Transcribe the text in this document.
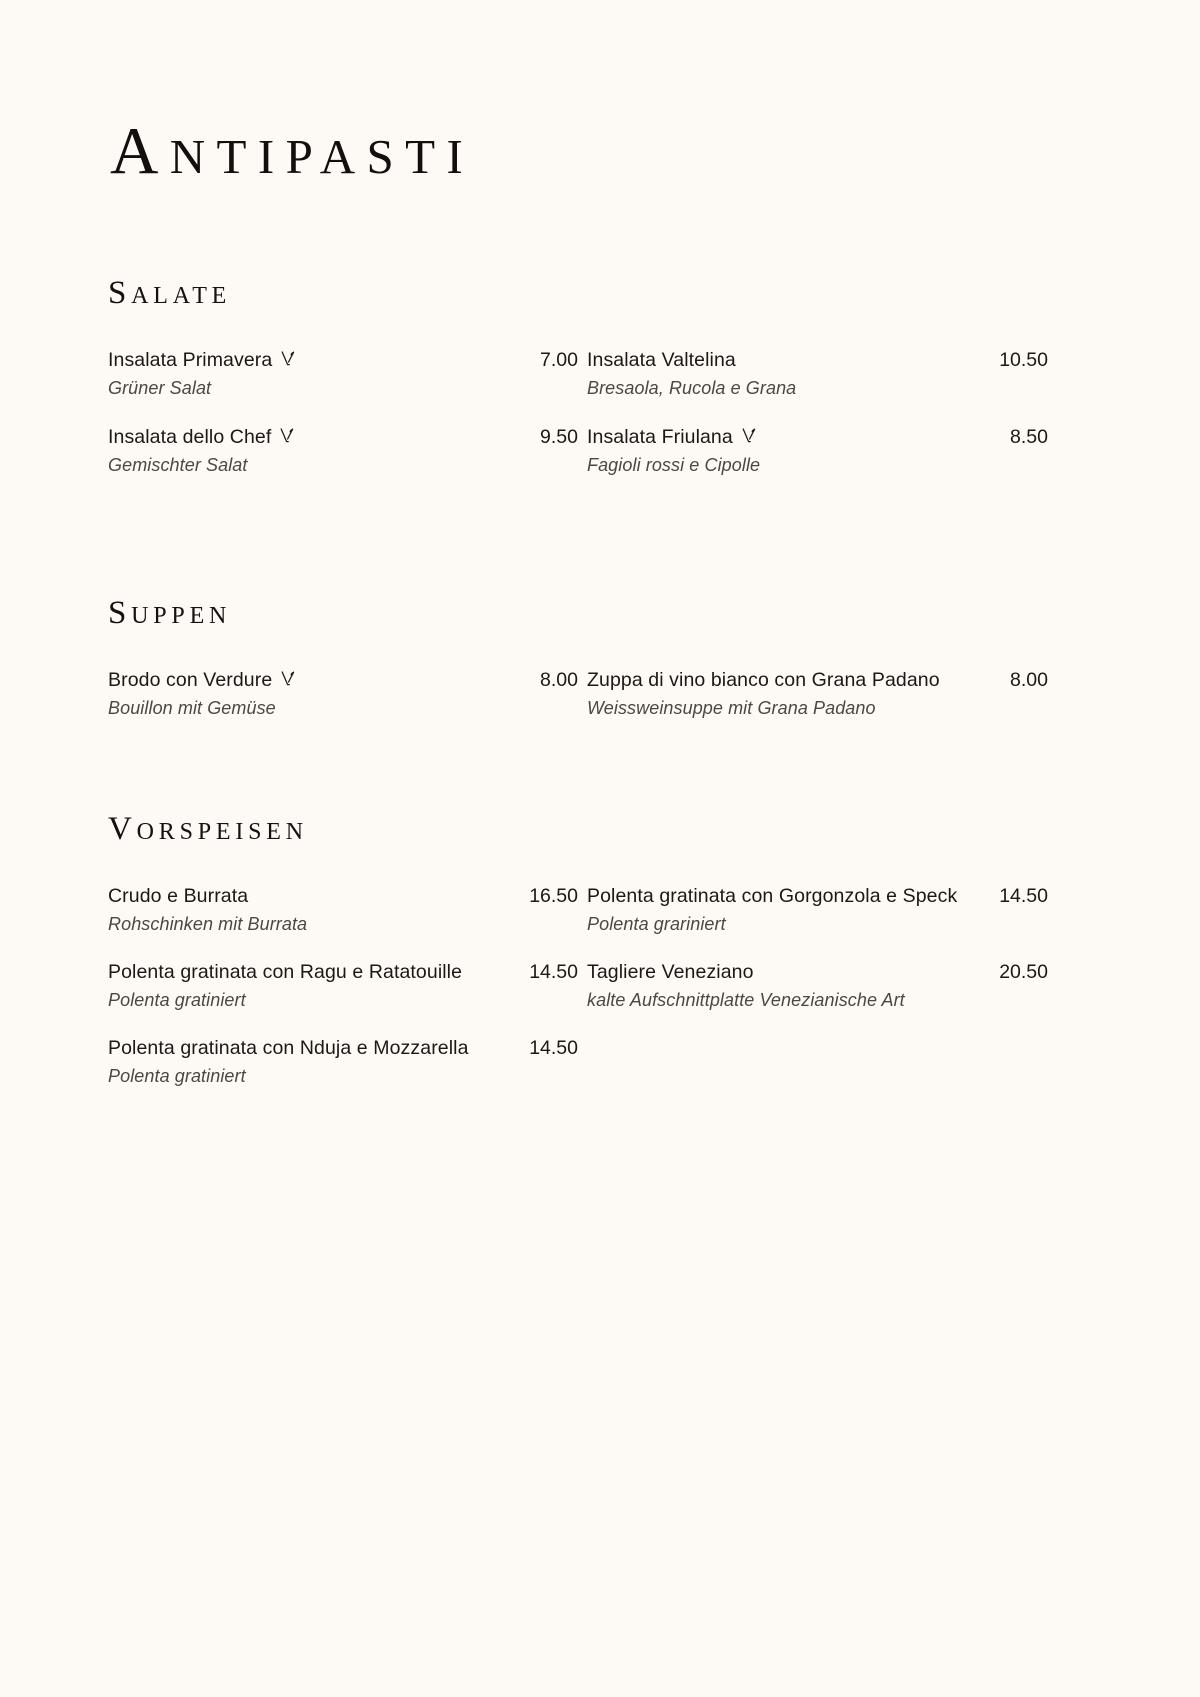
ANTIPASTI
SALATE
Insalata Primavera	7.00
Grüner Salat
Insalata dello Chef	9.50
Gemischter Salat
Insalata Valtelina	10.50
Bresaola, Rucola e Grana
Insalata Friulana	8.50
Fagioli rossi e Cipolle
SUPPEN
Brodo con Verdure	8.00
Bouillon mit Gemüse
Zuppa di vino bianco con Grana Padano	8.00
Weissweinsuppe mit Grana Padano
VORSPEISEN
Crudo e Burrata	16.50
Rohschinken mit Burrata
Polenta gratinata con Ragu e Ratatouille	14.50
Polenta gratiniert
Polenta gratinata con Nduja e Mozzarella	14.50
Polenta gratiniert
Polenta gratinata con Gorgonzola e Speck	14.50
Polenta grariniert
Tagliere Veneziano	20.50
kalte Aufschnittplatte Venezianische Art
